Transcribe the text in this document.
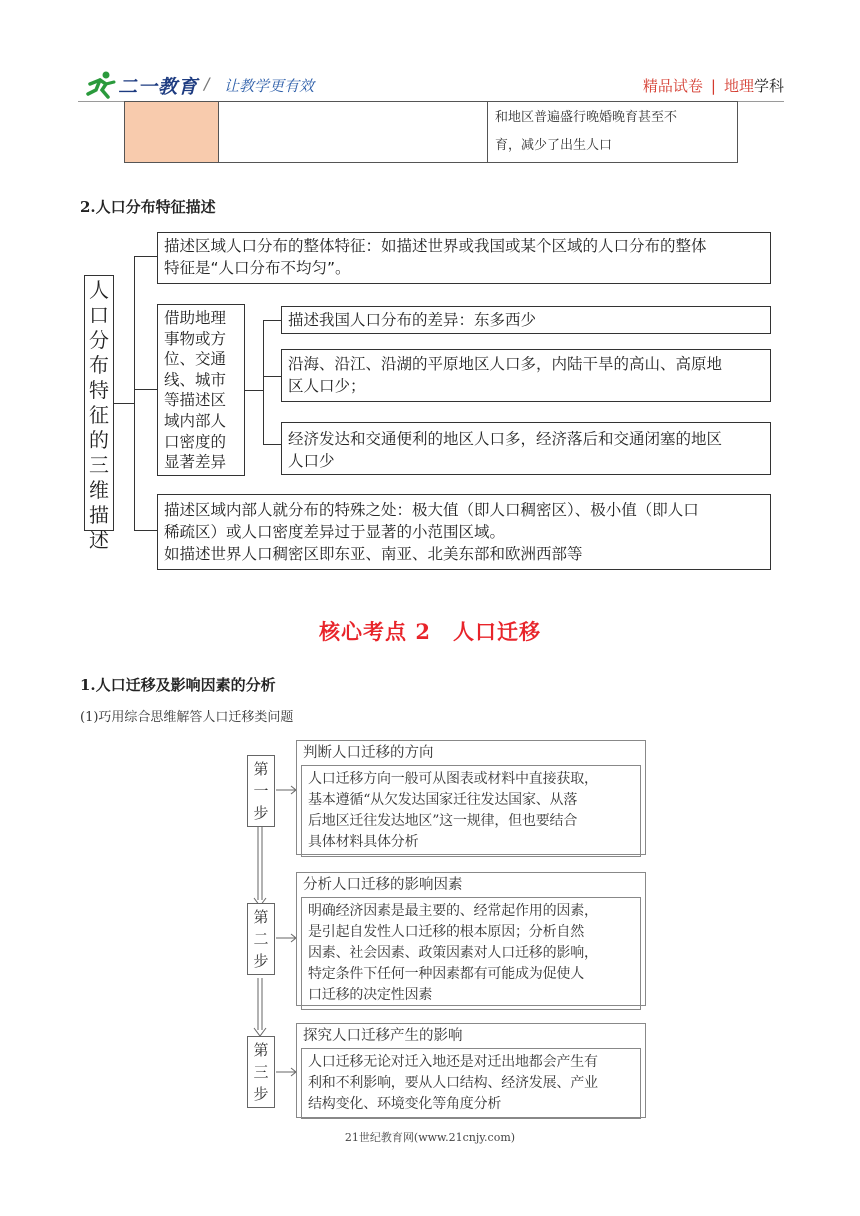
二一教育 / 让教学更有效	精品试卷 | 地理学科
和地区普遍盛行晚婚晚育甚至不
育，减少了出生人口
2.人口分布特征描述
人
口
分
布
特
征
的
三
维
描
述
描述区域人口分布的整体特征：如描述世界或我国或某个区域的人口分布的整体
特征是“人口分布不均匀”。
借助地理
事物或方
位、交通
线、城市
等描述区
域内部人
口密度的
显著差异
描述我国人口分布的差异：东多西少
沿海、沿江、沿湖的平原地区人口多，内陆干旱的高山、高原地
区人口少；
经济发达和交通便利的地区人口多，经济落后和交通闭塞的地区
人口少
描述区域内部人就分布的特殊之处：极大值（即人口稠密区）、极小值（即人口
稀疏区）或人口密度差异过于显著的小范围区域。
如描述世界人口稠密区即东亚、南亚、北美东部和欧洲西部等
核心考点 2　人口迁移
1.人口迁移及影响因素的分析
(1)巧用综合思维解答人口迁移类问题
第
一
步
第
二
步
第
三
步
判断人口迁移的方向
人口迁移方向一般可从图表或材料中直接获取，
基本遵循“从欠发达国家迁往发达国家、从落
后地区迁往发达地区”这一规律，但也要结合
具体材料具体分析
分析人口迁移的影响因素
明确经济因素是最主要的、经常起作用的因素，
是引起自发性人口迁移的根本原因；分析自然
因素、社会因素、政策因素对人口迁移的影响，
特定条件下任何一种因素都有可能成为促使人
口迁移的决定性因素
探究人口迁移产生的影响
人口迁移无论对迁入地还是对迁出地都会产生有
利和不利影响，要从人口结构、经济发展、产业
结构变化、环境变化等角度分析
21世纪教育网(www.21cnjy.com)
